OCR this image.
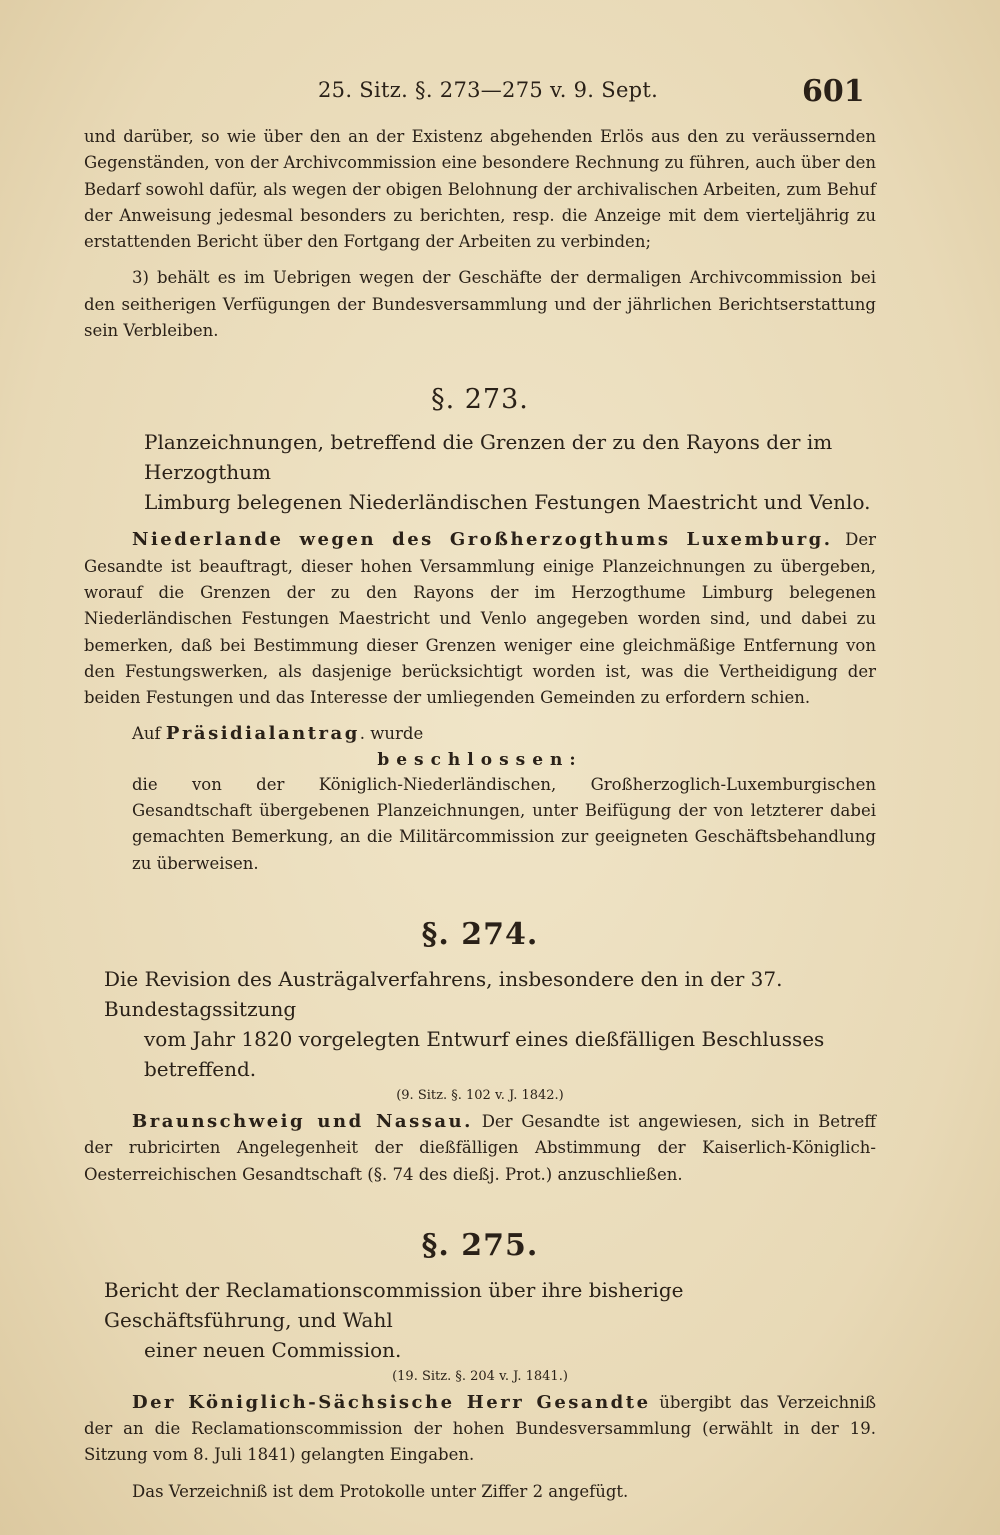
25. Sitz. §. 273—275 v. 9. Sept.	601

und darüber, so wie über den an der Existenz abgehenden Erlös aus den zu veräussernden Gegenständen, von der Archivcommission eine besondere Rechnung zu führen, auch über den Bedarf sowohl dafür, als wegen der obigen Belohnung der archivalischen Arbeiten, zum Behuf der Anweisung jedesmal besonders zu berichten, resp. die Anzeige mit dem vierteljährig zu erstattenden Bericht über den Fortgang der Arbeiten zu verbinden;

3) behält es im Uebrigen wegen der Geschäfte der dermaligen Archivcommission bei den seitherigen Verfügungen der Bundesversammlung und der jährlichen Berichtserstattung sein Verbleiben.

§. 273.

Planzeichnungen, betreffend die Grenzen der zu den Rayons der im Herzogthum
Limburg belegenen Niederländischen Festungen Maestricht und Venlo.

Niederlande wegen des Großherzogthums Luxemburg. Der Gesandte ist beauftragt, dieser hohen Versammlung einige Planzeichnungen zu übergeben, worauf die Grenzen der zu den Rayons der im Herzogthume Limburg belegenen Niederländischen Festungen Maestricht und Venlo angegeben worden sind, und dabei zu bemerken, daß bei Bestimmung dieser Grenzen weniger eine gleichmäßige Entfernung von den Festungswerken, als dasjenige berücksichtigt worden ist, was die Vertheidigung der beiden Festungen und das Interesse der umliegenden Gemeinden zu erfordern schien.

Auf Präsidialantrag. wurde

beschlossen:

die von der Königlich-Niederländischen, Großherzoglich-Luxemburgischen Gesandtschaft übergebenen Planzeichnungen, unter Beifügung der von letzterer dabei gemachten Bemerkung, an die Militärcommission zur geeigneten Geschäftsbehandlung zu überweisen.

§. 274.

Die Revision des Austrägalverfahrens, insbesondere den in der 37. Bundestagssitzung
vom Jahr 1820 vorgelegten Entwurf eines dießfälligen Beschlusses betreffend.

(9. Sitz. §. 102 v. J. 1842.)

Braunschweig und Nassau. Der Gesandte ist angewiesen, sich in Betreff der rubricirten Angelegenheit der dießfälligen Abstimmung der Kaiserlich-Königlich-Oesterreichischen Gesandtschaft (§. 74 des dießj. Prot.) anzuschließen.

§. 275.

Bericht der Reclamationscommission über ihre bisherige Geschäftsführung, und Wahl
einer neuen Commission.

(19. Sitz. §. 204 v. J. 1841.)

Der Königlich-Sächsische Herr Gesandte übergibt das Verzeichniß der an die Reclamationscommission der hohen Bundesversammlung (erwählt in der 19. Sitzung vom 8. Juli 1841) gelangten Eingaben.

Das Verzeichniß ist dem Protokolle unter Ziffer 2 angefügt.
